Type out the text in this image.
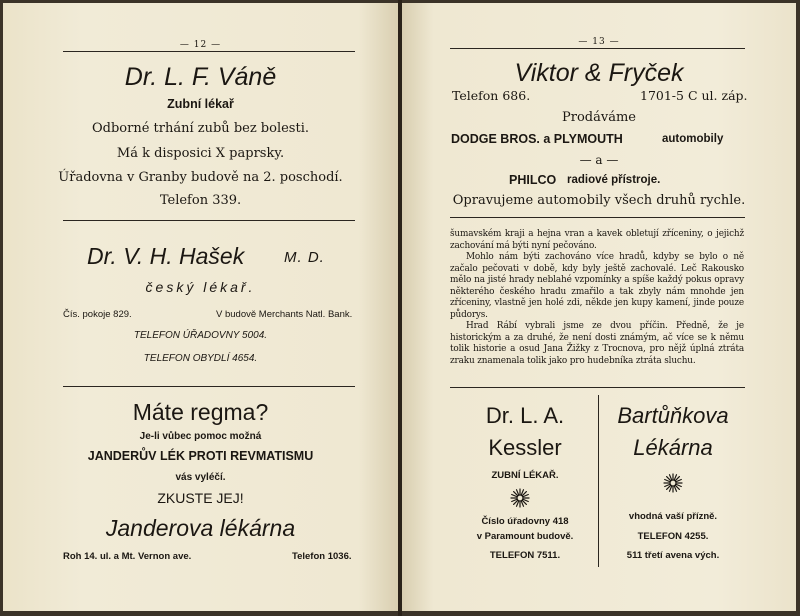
— 12 —
Dr. L. F. Váně
Zubní lékař
Odborné trhání zubů bez bolesti.
Má k disposici X paprsky.
Úřadovna v Granby budově na 2. poschodí.
Telefon 339.
Dr. V. H. Hašek	M. D.
český lékař.
Čís. pokoje 829.	V budově Merchants Natl. Bank.
TELEFON ÚŘADOVNY 5004.
TELEFON OBYDLÍ 4654.
Máte regma?
Je-li vůbec pomoc možná
JANDERŮV LÉK PROTI REVMATISMU
vás vyléčí.
ZKUSTE JEJ!
Janderova lékárna
Roh 14. ul. a Mt. Vernon ave.	Telefon 1036.
— 13 —
Viktor & Fryček
Telefon 686.	1701-5 C ul. záp.
Prodáváme
DODGE BROS. a PLYMOUTH	automobily
— a —
PHILCO radiové přístroje.
Opravujeme automobily všech druhů rychle.

šumavském kraji a hejna vran a kavek obletují zříceniny, o jejichž zachování má býti nyní pečováno.

Mohlo nám býti zachováno více hradů, kdyby se bylo o ně začalo pečovati v době, kdy byly ještě zachovalé. Leč Rakousko mělo na jisté hrady neblahé vzpomínky a spíše každý pokus opravy některého českého hradu zmařilo a tak zbyly nám mnohde jen zříceniny, vlastně jen holé zdi, někde jen kupy kamení, jinde pouze půdorys.

Hrad Rábí vybrali jsme ze dvou příčin. Předně, že je historickým a za druhé, že není dosti známým, ač více se k němu tolik historie a osud Jana Žižky z Trocnova, pro nějž úplná ztráta zraku znamenala tolik jako pro hudebníka ztráta sluchu.

Dr. L. A.
Kessler
ZUBNÍ LÉKAŘ.
Číslo úřadovny 418
v Paramount budově.
TELEFON 7511.
Bartůňkova
Lékárna
vhodná vaší přízně.
TELEFON 4255.
511 třetí avena vých.
